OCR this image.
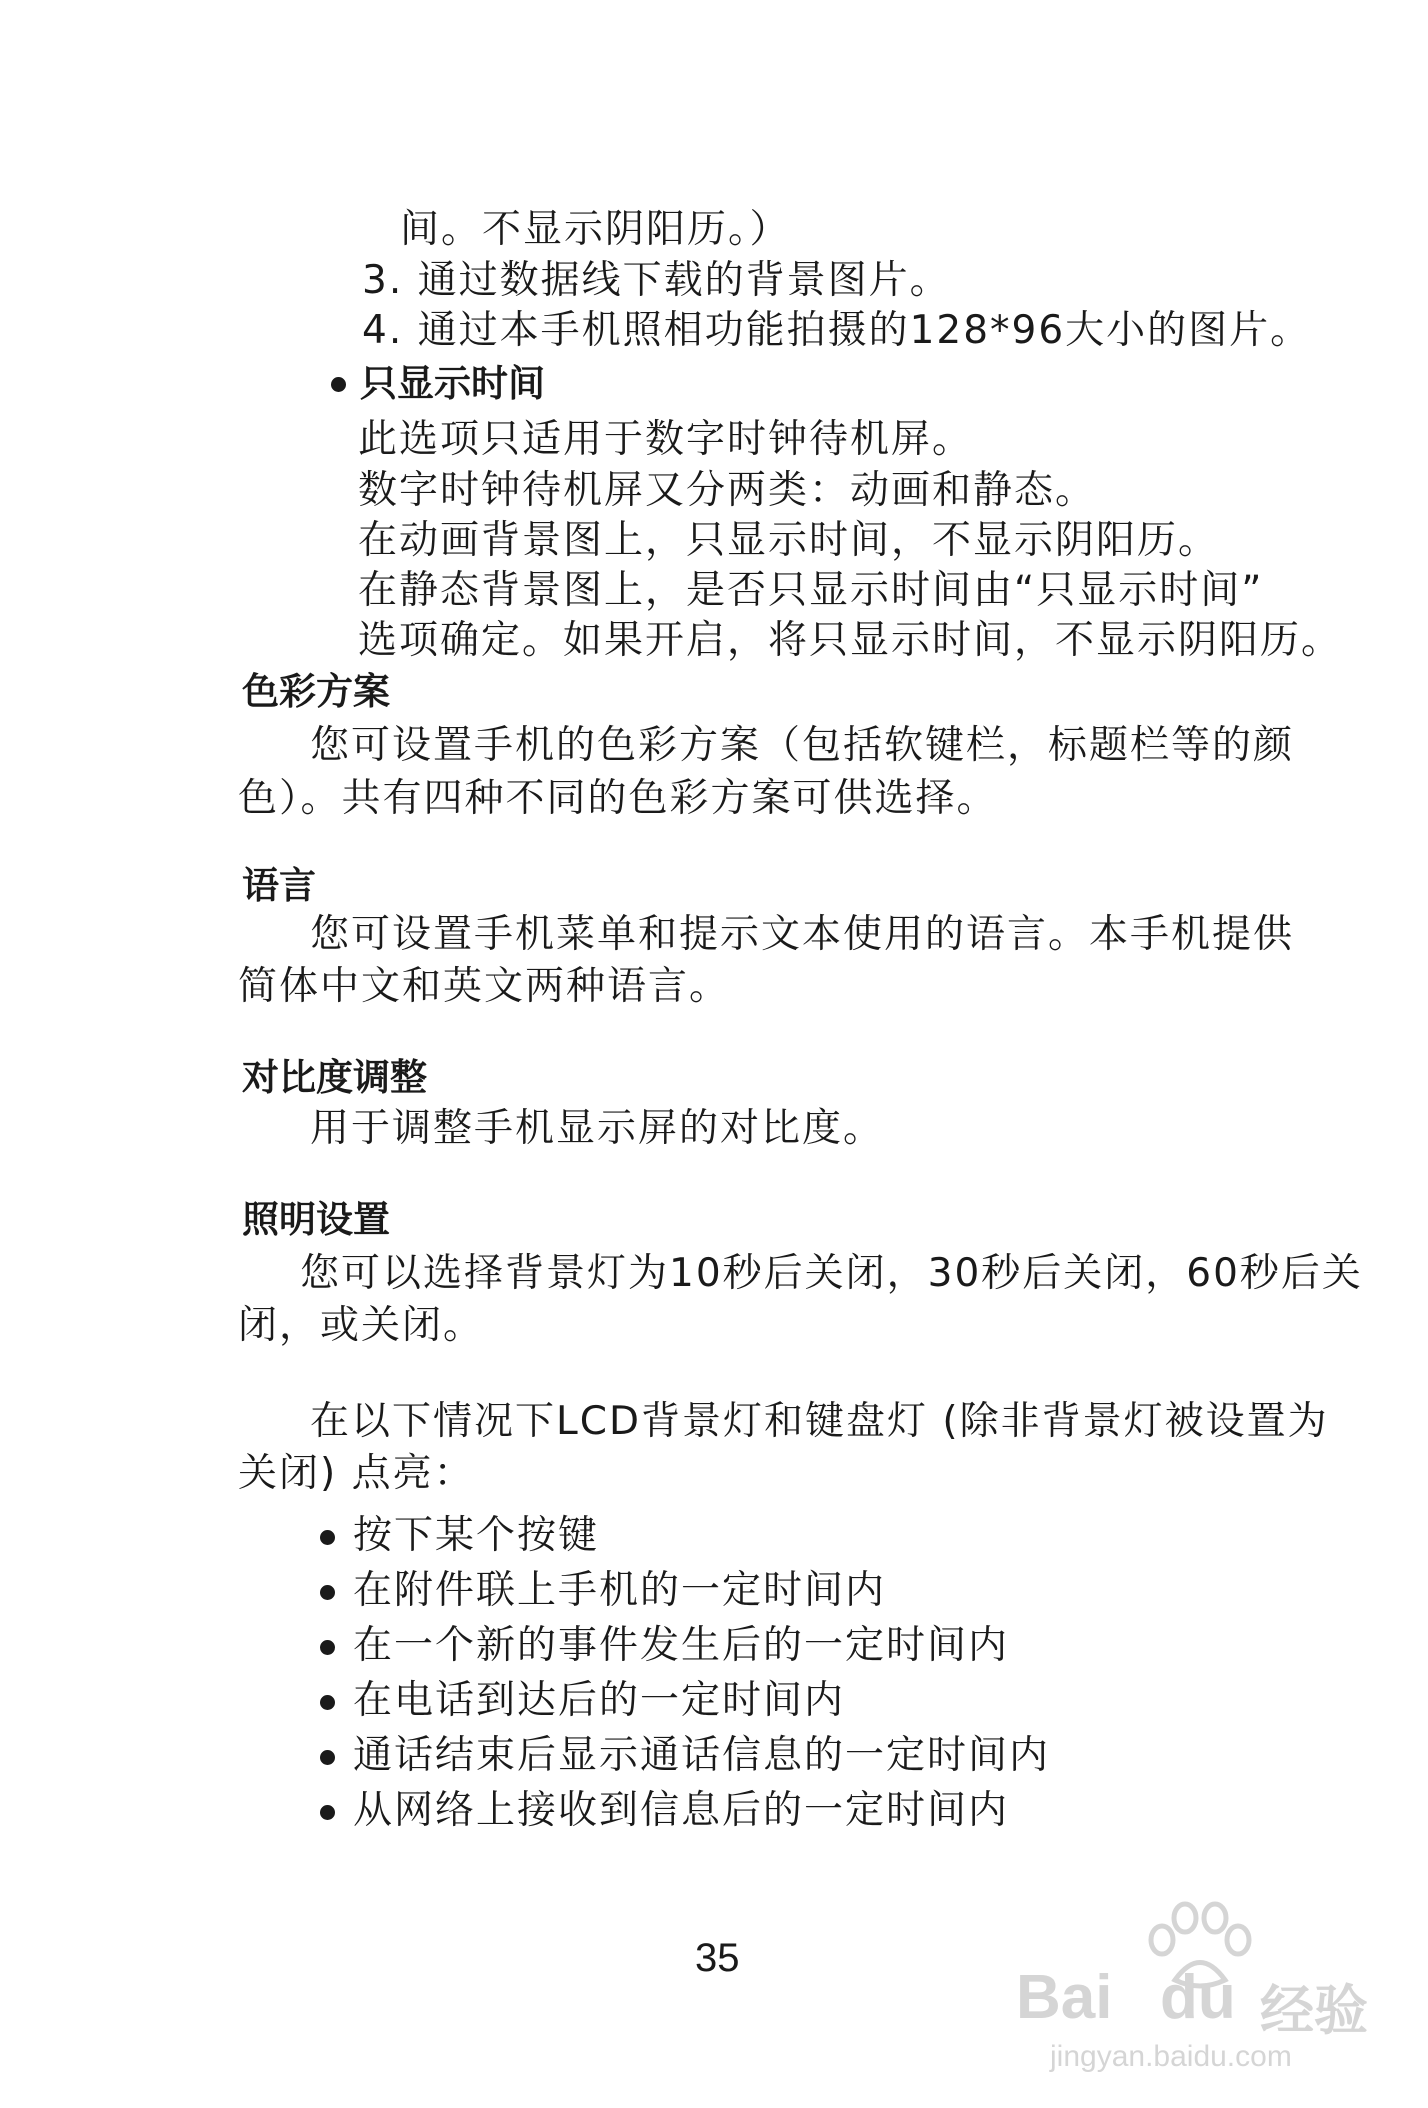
间。不显示阴阳历。）
3. 通过数据线下载的背景图片。
4. 通过本手机照相功能拍摄的128*96大小的图片。
只显示时间
此选项只适用于数字时钟待机屏。
数字时钟待机屏又分两类：动画和静态。
在动画背景图上，只显示时间，不显示阴阳历。
在静态背景图上，是否只显示时间由“只显示时间”
选项确定。如果开启，将只显示时间，不显示阴阳历。
色彩方案
您可设置手机的色彩方案（包括软键栏，标题栏等的颜
色）。共有四种不同的色彩方案可供选择。
语言
您可设置手机菜单和提示文本使用的语言。本手机提供
简体中文和英文两种语言。
对比度调整
用于调整手机显示屏的对比度。
照明设置
您可以选择背景灯为10秒后关闭，30秒后关闭，60秒后关
闭，或关闭。
在以下情况下LCD背景灯和键盘灯 (除非背景灯被设置为
关闭) 点亮：
按下某个按键
在附件联上手机的一定时间内
在一个新的事件发生后的一定时间内
在电话到达后的一定时间内
通话结束后显示通话信息的一定时间内
从网络上接收到信息后的一定时间内
35
Bai du 经验
jingyan.baidu.com
